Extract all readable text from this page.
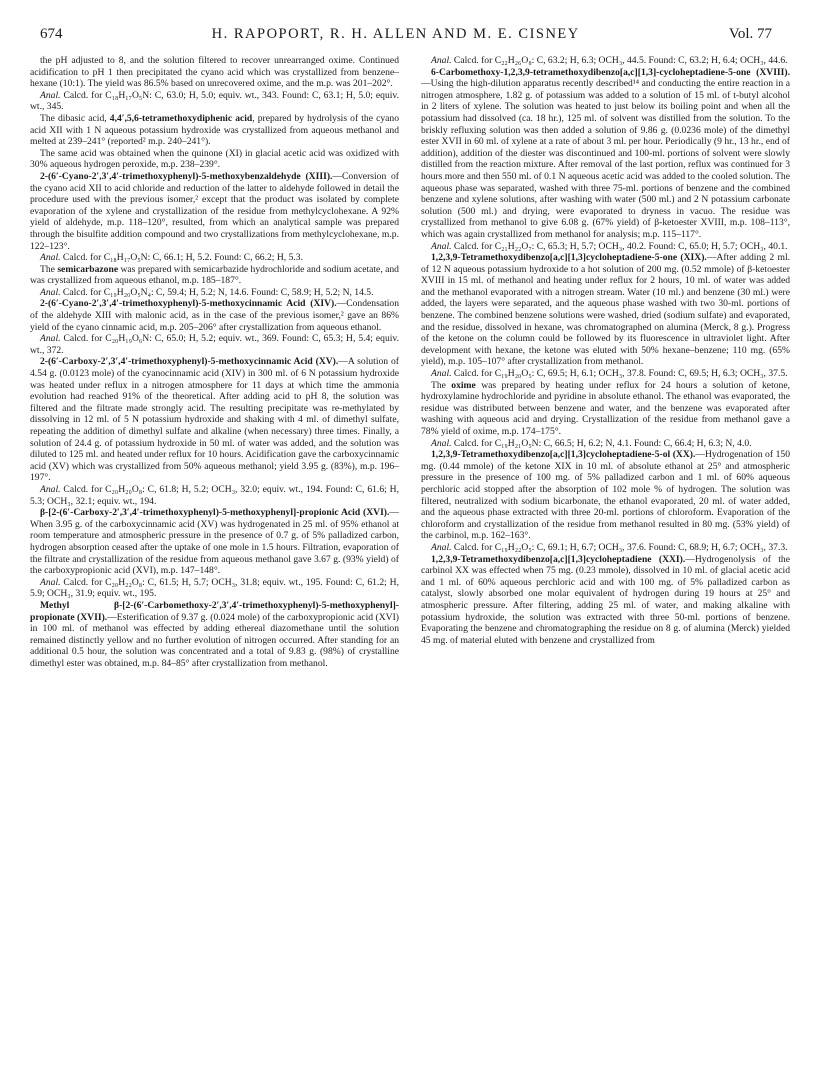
674	H. RAPOPORT, R. H. ALLEN AND M. E. CISNEY	Vol. 77

the pH adjusted to 8, and the solution filtered to recover unrearranged oxime. Continued acidification to pH 1 then precipitated the cyano acid which was crystallized from benzene–hexane (10:1). The yield was 86.5% based on unrecovered oxime, and the m.p. was 201–202°.

Anal. Calcd. for C₁₈H₁₇O₅N: C, 63.0; H, 5.0; equiv. wt., 343. Found: C, 63.1; H, 5.0; equiv. wt., 345.

The dibasic acid, 4,4′,5,6-tetramethoxydiphenic acid, prepared by hydrolysis of the cyano acid XII with 1 N aqueous potassium hydroxide was crystallized from aqueous methanol and melted at 239–241° (reported² m.p. 240–241°).

The same acid was obtained when the quinone (XI) in glacial acetic acid was oxidized with 30% aqueous hydrogen peroxide, m.p. 238–239°.

2-(6′-Cyano-2′,3′,4′-trimethoxyphenyl)-5-methoxybenzaldehyde (XIII).—Conversion of the cyano acid XII to acid chloride and reduction of the latter to aldehyde followed in detail the procedure used with the previous isomer,² except that the product was isolated by complete evaporation of the xylene and crystallization of the residue from methylcyclohexane. A 92% yield of aldehyde, m.p. 118–120°, resulted, from which an analytical sample was prepared through the bisulfite addition compound and two crystallizations from methylcyclohexane, m.p. 122–123°.

Anal. Calcd. for C₁₈H₁₇O₅N: C, 66.1; H, 5.2. Found: C, 66.2; H, 5.3.

The semicarbazone was prepared with semicarbazide hydrochloride and sodium acetate, and was crystallized from aqueous ethanol, m.p. 185–187°.

Anal. Calcd. for C₁₉H₂₀O₅N₄: C, 59.4; H, 5.2; N, 14.6. Found: C, 58.9; H, 5.2; N, 14.5.

2-(6′-Cyano-2′,3′,4′-trimethoxyphenyl)-5-methoxycinnamic Acid (XIV).—Condensation of the aldehyde XIII with malonic acid, as in the case of the previous isomer,² gave an 86% yield of the cyano cinnamic acid, m.p. 205–206° after crystallization from aqueous ethanol.

Anal. Calcd. for C₂₀H₁₉O₆N: C, 65.0; H, 5.2; equiv. wt., 369. Found: C, 65.3; H, 5.4; equiv. wt., 372.

2-(6′-Carboxy-2′,3′,4′-trimethoxyphenyl)-5-methoxycinnamic Acid (XV).—A solution of 4.54 g. (0.0123 mole) of the cyanocinnamic acid (XIV) in 300 ml. of 6 N potassium hydroxide was heated under reflux in a nitrogen atmosphere for 11 days at which time the ammonia evolution had reached 91% of the theoretical. After adding acid to pH 8, the solution was filtered and the filtrate made strongly acid. The resulting precipitate was re-methylated by dissolving in 12 ml. of 5 N potassium hydroxide and shaking with 4 ml. of dimethyl sulfate, repeating the addition of dimethyl sulfate and alkaline (when necessary) three times. Finally, a solution of 24.4 g. of potassium hydroxide in 50 ml. of water was added, and the solution was diluted to 125 ml. and heated under reflux for 10 hours. Acidification gave the carboxycinnamic acid (XV) which was crystallized from 50% aqueous methanol; yield 3.95 g. (83%), m.p. 196–197°.

Anal. Calcd. for C₂₀H₂₀O₈: C, 61.8; H, 5.2; OCH₃, 32.0; equiv. wt., 194. Found: C, 61.6; H, 5.3; OCH₃, 32.1; equiv. wt., 194.

β-[2-(6′-Carboxy-2′,3′,4′-trimethoxyphenyl)-5-methoxyphenyl]-propionic Acid (XVI).—When 3.95 g. of the carboxycinnamic acid (XV) was hydrogenated in 25 ml. of 95% ethanol at room temperature and atmospheric pressure in the presence of 0.7 g. of 5% palladized carbon, hydrogen absorption ceased after the uptake of one mole in 1.5 hours. Filtration, evaporation of the filtrate and crystallization of the residue from aqueous methanol gave 3.67 g. (93% yield) of the carboxypropionic acid (XVI), m.p. 147–148°.

Anal. Calcd. for C₂₀H₂₂O₈: C, 61.5; H, 5.7; OCH₃, 31.8; equiv. wt., 195. Found: C, 61.2; H, 5.9; OCH₃, 31.9; equiv. wt., 195.

Methyl β-[2-(6′-Carbomethoxy-2′,3′,4′-trimethoxyphenyl)-5-methoxyphenyl]-propionate (XVII).—Esterification of 9.37 g. (0.024 mole) of the carboxypropionic acid (XVI) in 100 ml. of methanol was effected by adding ethereal diazomethane until the solution remained distinctly yellow and no further evolution of nitrogen occurred. After standing for an additional 0.5 hour, the solution was concentrated and a total of 9.83 g. (98%) of crystalline dimethyl ester was obtained, m.p. 84–85° after crystallization from methanol.

Anal. Calcd. for C₂₂H₂₆O₈: C, 63.2; H, 6.3; OCH₃, 44.5. Found: C, 63.2; H, 6.4; OCH₃, 44.6.

6-Carbomethoxy-1,2,3,9-tetramethoxydibenzo[a,c][1,3]-cycloheptadiene-5-one (XVIII).—Using the high-dilution apparatus recently described¹⁴ and conducting the entire reaction in a nitrogen atmosphere, 1.82 g. of potassium was added to a solution of 15 ml. of t-butyl alcohol in 2 liters of xylene. The solution was heated to just below its boiling point and when all the potassium had dissolved (ca. 18 hr.), 125 ml. of solvent was distilled from the solution. To the briskly refluxing solution was then added a solution of 9.86 g. (0.0236 mole) of the dimethyl ester XVII in 60 ml. of xylene at a rate of about 3 ml. per hour. Periodically (9 hr., 13 hr., end of addition), addition of the diester was discontinued and 100-ml. portions of solvent were slowly distilled from the reaction mixture. After removal of the last portion, reflux was continued for 3 hours more and then 550 ml. of 0.1 N aqueous acetic acid was added to the cooled solution. The aqueous phase was separated, washed with three 75-ml. portions of benzene and the combined benzene and xylene solutions, after washing with water (500 ml.) and 2 N potassium carbonate solution (500 ml.) and drying, were evaporated to dryness in vacuo. The residue was crystallized from methanol to give 6.08 g. (67% yield) of β-ketoester XVIII, m.p. 108–113°, which was again crystallized from methanol for analysis; m.p. 115–117°.

Anal. Calcd. for C₂₁H₂₂O₇: C, 65.3; H, 5.7; OCH₃, 40.2. Found: C, 65.0; H, 5.7; OCH₃, 40.1.

1,2,3,9-Tetramethoxydibenzo[a,c][1,3]cycloheptadiene-5-one (XIX).—After adding 2 ml. of 12 N aqueous potassium hydroxide to a hot solution of 200 mg. (0.52 mmole) of β-ketoester XVIII in 15 ml. of methanol and heating under reflux for 2 hours, 10 ml. of water was added and the methanol evaporated with a nitrogen stream. Water (10 ml.) and benzene (30 ml.) were added, the layers were separated, and the aqueous phase washed with two 30-ml. portions of benzene. The combined benzene solutions were washed, dried (sodium sulfate) and evaporated, and the residue, dissolved in hexane, was chromatographed on alumina (Merck, 8 g.). Progress of the ketone on the column could be followed by its fluorescence in ultraviolet light. After development with hexane, the ketone was eluted with 50% hexane–benzene; 110 mg. (65% yield), m.p. 105–107° after crystallization from methanol.

Anal. Calcd. for C₁₉H₂₀O₅: C, 69.5; H, 6.1; OCH₃, 37.8. Found: C, 69.5; H, 6.3; OCH₃, 37.5.

The oxime was prepared by heating under reflux for 24 hours a solution of ketone, hydroxylamine hydrochloride and pyridine in absolute ethanol. The ethanol was evaporated, the residue was distributed between benzene and water, and the benzene was evaporated after washing with aqueous acid and drying. Crystallization of the residue from methanol gave a 78% yield of oxime, m.p. 174–175°.

Anal. Calcd. for C₁₉H₂₁O₅N: C, 66.5; H, 6.2; N, 4.1. Found: C, 66.4; H, 6.3; N, 4.0.

1,2,3,9-Tetramethoxydibenzo[a,c][1,3]cycloheptadiene-5-ol (XX).—Hydrogenation of 150 mg. (0.44 mmole) of the ketone XIX in 10 ml. of absolute ethanol at 25° and atmospheric pressure in the presence of 100 mg. of 5% palladized carbon and 1 ml. of 60% aqueous perchloric acid stopped after the absorption of 102 mole % of hydrogen. The solution was filtered, neutralized with sodium bicarbonate, the ethanol evaporated, 20 ml. of water added, and the aqueous phase extracted with three 20-ml. portions of chloroform. Evaporation of the chloroform and crystallization of the residue from methanol resulted in 80 mg. (53% yield) of the carbinol, m.p. 162–163°.

Anal. Calcd. for C₁₉H₂₂O₅: C, 69.1; H, 6.7; OCH₃, 37.6. Found: C, 68.9; H, 6.7; OCH₃, 37.3.

1,2,3,9-Tetramethoxydibenzo[a,c][1,3]cycloheptadiene (XXI).—Hydrogenolysis of the carbinol XX was effected when 75 mg. (0.23 mmole), dissolved in 10 ml. of glacial acetic acid and 1 ml. of 60% aqueous perchloric acid and with 100 mg. of 5% palladized carbon as catalyst, slowly absorbed one molar equivalent of hydrogen during 19 hours at 25° and atmospheric pressure. After filtering, adding 25 ml. of water, and making alkaline with potassium hydroxide, the solution was extracted with three 50-ml. portions of benzene. Evaporating the benzene and chromatographing the residue on 8 g. of alumina (Merck) yielded 45 mg. of material eluted with benzene and crystallized from
